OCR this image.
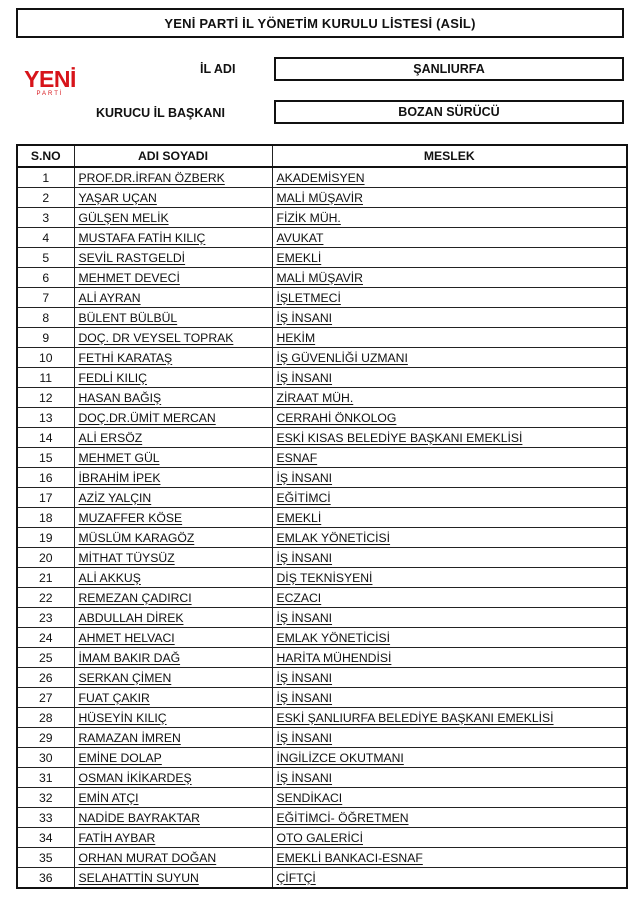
YENİ PARTİ İL YÖNETİM KURULU LİSTESİ (ASİL)
YENİ
PARTİ
İL ADI	ŞANLIURFA
KURUCU İL BAŞKANI	BOZAN SÜRÜCÜ
S.NO	ADI SOYADI	MESLEK
1	PROF.DR.İRFAN ÖZBERK	AKADEMİSYEN
2	YAŞAR UÇAN	MALİ MÜŞAVİR
3	GÜLŞEN MELİK	FİZİK MÜH.
4	MUSTAFA FATİH KILIÇ	AVUKAT
5	SEVİL RASTGELDİ	EMEKLİ
6	MEHMET DEVECİ	MALİ MÜŞAVİR
7	ALİ AYRAN	İŞLETMECİ
8	BÜLENT BÜLBÜL	İŞ İNSANI
9	DOÇ. DR VEYSEL TOPRAK	HEKİM
10	FETHİ KARATAŞ	İŞ GÜVENLİĞİ UZMANI
11	FEDLİ KILIÇ	İŞ İNSANI
12	HASAN BAĞIŞ	ZİRAAT MÜH.
13	DOÇ.DR.ÜMİT MERCAN	CERRAHİ ÖNKOLOG
14	ALİ ERSÖZ	ESKİ KISAS BELEDİYE BAŞKANI EMEKLİSİ
15	MEHMET GÜL	ESNAF
16	İBRAHİM İPEK	İŞ İNSANI
17	AZİZ YALÇIN	EĞİTİMCİ
18	MUZAFFER KÖSE	EMEKLİ
19	MÜSLÜM KARAGÖZ	EMLAK YÖNETİCİSİ
20	MİTHAT TÜYSÜZ	İŞ İNSANI
21	ALİ AKKUŞ	DİŞ TEKNİSYENİ
22	REMEZAN ÇADIRCI	ECZACI
23	ABDULLAH DİREK	İŞ İNSANI
24	AHMET HELVACI	EMLAK YÖNETİCİSİ
25	İMAM BAKIR DAĞ	HARİTA MÜHENDİSİ
26	SERKAN ÇİMEN	İŞ İNSANI
27	FUAT ÇAKIR	İŞ İNSANI
28	HÜSEYİN KILIÇ	ESKİ ŞANLIURFA BELEDİYE BAŞKANI EMEKLİSİ
29	RAMAZAN İMREN	İŞ İNSANI
30	EMİNE DOLAP	İNGİLİZCE OKUTMANI
31	OSMAN İKİKARDEŞ	İŞ İNSANI
32	EMİN ATÇI	SENDİKACI
33	NADİDE BAYRAKTAR	EĞİTİMCİ- ÖĞRETMEN
34	FATİH AYBAR	OTO GALERİCİ
35	ORHAN MURAT DOĞAN	EMEKLİ BANKACI-ESNAF
36	SELAHATTİN SUYUN	ÇİFTÇİ
